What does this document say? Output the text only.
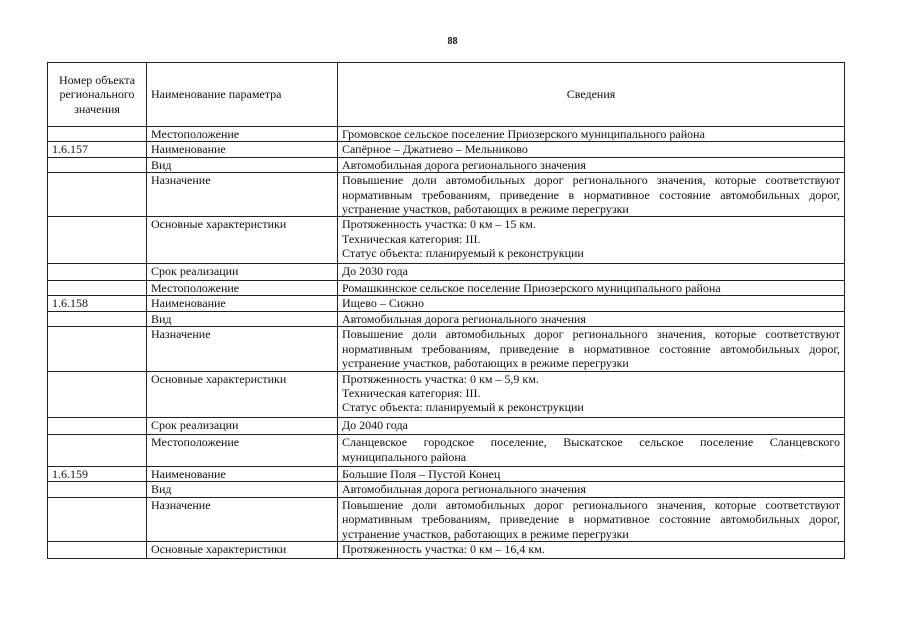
88
Номер объекта регионального значения	Наименование параметра	Сведения
	Местоположение	Громовское сельское поселение Приозерского муниципального района

1.6.157	Наименование	Сапёрное – Джатиево – Мельниково

	Вид	Автомобильная дорога регионального значения

	Назначение	Повышение доли автомобильных дорог регионального значения, которые соответствуют нормативным требованиям, приведение в нормативное состояние автомобильных дорог, устранение участков, работающих в режиме перегрузки

	Основные характеристики	Протяженность участка: 0 км – 15 км.
Техническая категория: III.
Статус объекта: планируемый к реконструкции

	Срок реализации	До 2030 года

	Местоположение	Ромашкинское сельское поселение Приозерского муниципального района

1.6.158	Наименование	Ищево – Сижно

	Вид	Автомобильная дорога регионального значения

	Назначение	Повышение доли автомобильных дорог регионального значения, которые соответствуют нормативным требованиям, приведение в нормативное состояние автомобильных дорог, устранение участков, работающих в режиме перегрузки

	Основные характеристики	Протяженность участка: 0 км – 5,9 км.
Техническая категория: III.
Статус объекта: планируемый к реконструкции

	Срок реализации	До 2040 года

	Местоположение	Сланцевское городское поселение, Выскатское сельское поселение Сланцевского муниципального района

1.6.159	Наименование	Большие Поля – Пустой Конец

	Вид	Автомобильная дорога регионального значения

	Назначение	Повышение доли автомобильных дорог регионального значения, которые соответствуют нормативным требованиям, приведение в нормативное состояние автомобильных дорог, устранение участков, работающих в режиме перегрузки

	Основные характеристики	Протяженность участка: 0 км – 16,4 км.
